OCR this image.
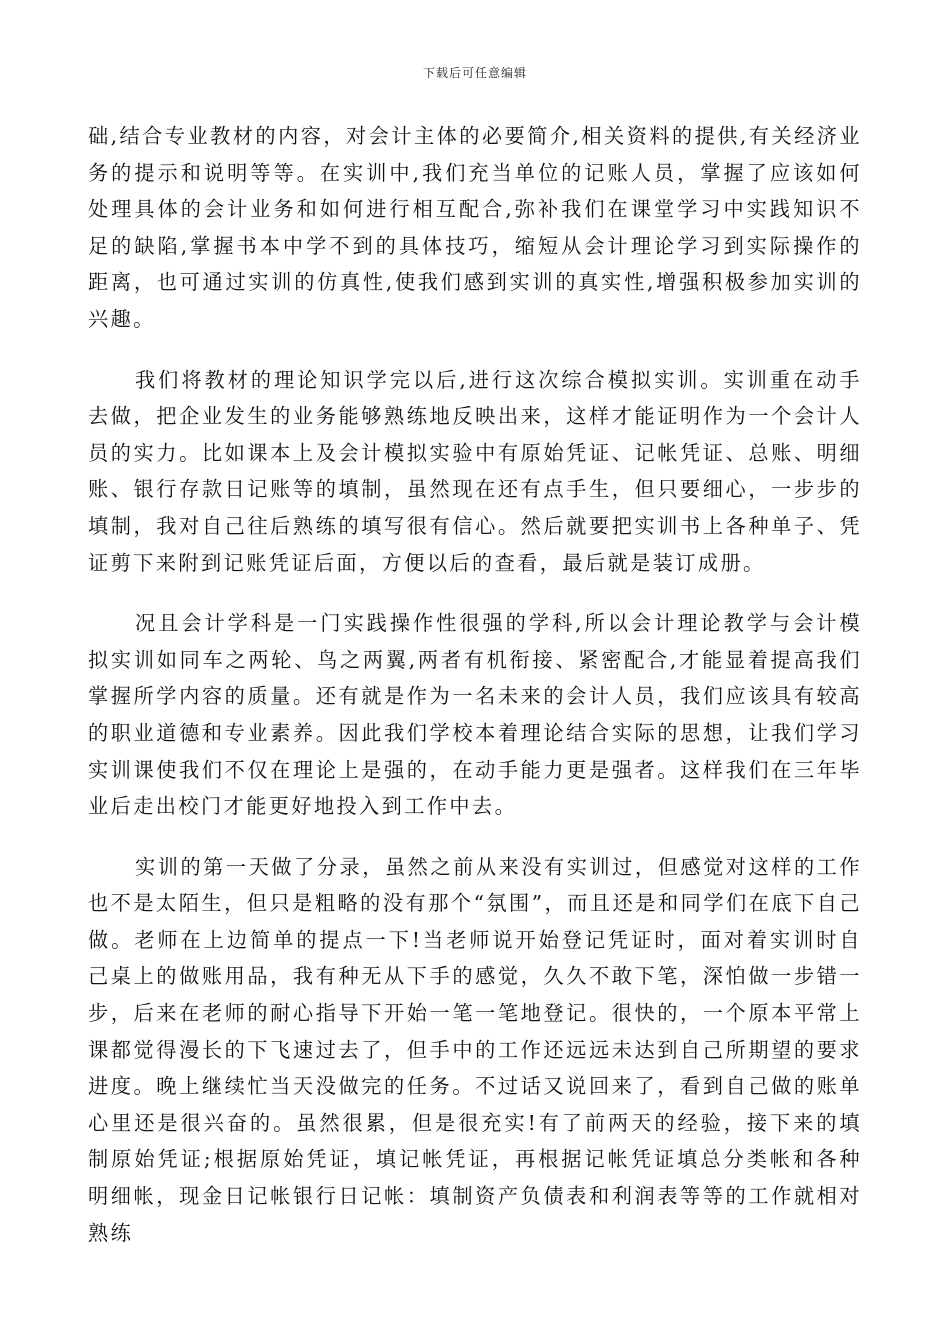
下载后可任意编辑

础,结合专业教材的内容，对会计主体的必要简介,相关资料的提供,有关经济业务的提示和说明等等。在实训中,我们充当单位的记账人员，掌握了应该如何处理具体的会计业务和如何进行相互配合,弥补我们在课堂学习中实践知识不足的缺陷,掌握书本中学不到的具体技巧，缩短从会计理论学习到实际操作的距离，也可通过实训的仿真性,使我们感到实训的真实性,增强积极参加实训的兴趣。

我们将教材的理论知识学完以后,进行这次综合模拟实训。实训重在动手去做，把企业发生的业务能够熟练地反映出来，这样才能证明作为一个会计人员的实力。比如课本上及会计模拟实验中有原始凭证、记帐凭证、总账、明细账、银行存款日记账等的填制，虽然现在还有点手生，但只要细心，一步步的填制，我对自己往后熟练的填写很有信心。然后就要把实训书上各种单子、凭证剪下来附到记账凭证后面，方便以后的查看，最后就是装订成册。

况且会计学科是一门实践操作性很强的学科,所以会计理论教学与会计模拟实训如同车之两轮、鸟之两翼,两者有机衔接、紧密配合,才能显着提高我们掌握所学内容的质量。还有就是作为一名未来的会计人员，我们应该具有较高的职业道德和专业素养。因此我们学校本着理论结合实际的思想，让我们学习实训课使我们不仅在理论上是强的，在动手能力更是强者。这样我们在三年毕业后走出校门才能更好地投入到工作中去。

实训的第一天做了分录，虽然之前从来没有实训过，但感觉对这样的工作也不是太陌生，但只是粗略的没有那个“氛围”，而且还是和同学们在底下自己做。老师在上边简单的提点一下!当老师说开始登记凭证时，面对着实训时自己桌上的做账用品，我有种无从下手的感觉，久久不敢下笔，深怕做一步错一步，后来在老师的耐心指导下开始一笔一笔地登记。很快的，一个原本平常上课都觉得漫长的下飞速过去了，但手中的工作还远远未达到自己所期望的要求进度。晚上继续忙当天没做完的任务。不过话又说回来了，看到自己做的账单心里还是很兴奋的。虽然很累，但是很充实!有了前两天的经验，接下来的填制原始凭证;根据原始凭证，填记帐凭证，再根据记帐凭证填总分类帐和各种明细帐，现金日记帐银行日记帐：填制资产负债表和利润表等等的工作就相对熟练
